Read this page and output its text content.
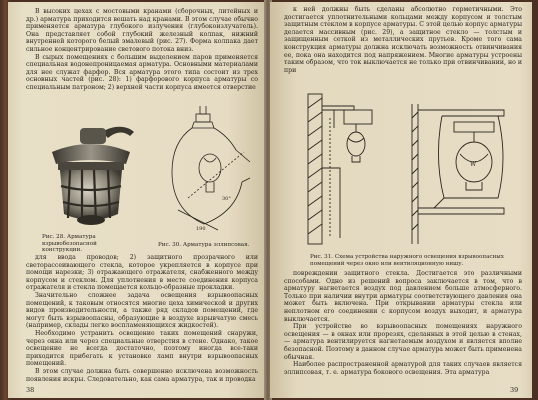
В высоких цехах с мостовыми кранами (сборочных, литейных и др.) арматура приходится вешать над кранами. В этом случае обычно применяется арматура глубокого излучения (глубокоизлучатель). Она представляет собой глубокий железный колпак, нижний внутренней которого белый эмалевый (рис. 27). Форма колпака дает сильное концентрирование светового потока вниз.

В сырых помещениях с большим выделением паров применяется специальная водонепроницаемая арматура. Основными материалами для нее служат фарфор. Вся арматура этого типа состоит из трех основных частей (рис. 28): 1) фарфорового корпуса арматуры со специальным патроном; 2) верхней части корпуса имеется отверстие

30°
190
Рис. 28. Арматура взрывобезопасной конструкции.
Рис. 30. Арматура эллипсовая.

для ввода проводов; 2) защитного прозрачного или светорассеивающего стекла, которое укрепляется в корпусе при помощи нарезки; 3) отражающего отражателя, снабженного между корпусом и стеклом. Для уплотнения в месте соединения корпуса отражателя и стекла помещается кольцо-образные прокладки.

Значительно сложнее задача освещения взрывоопасных помещений, к таковым относятся многие цеха химической и других видов производительности, а также ряд складов помещений, где могут быть взрывоопасны, образующие в воздухе взрывчатую смесь (например, склады легко воспламеняющихся жидкостей).

Необходимо устранить освещение таких помещений снаружи, через окна или через специальные отверстия в стене. Однако, такое освещение не всегда достаточно, поэтому иногда все-таки приходится прибегать к установке ламп внутри взрывоопасных помещений.

В этом случае должна быть совершенно исключена возможность появления искры. Следовательно, как сама арматура, так и проводка

38

к ней должны быть сделаны абсолютно герметичными. Это достигается уплотнительными кольцами между корпусом и толстым защитным стеклом в корпусе арматуры. С этой целью корпус арматуры делается массивным (рис. 29), а защитное стекло — толстым и защищенным сеткой из металлических прутьев. Кроме того сама конструкция арматуры должна исключать возможность отвинчивания ее, пока она находится под напряжением. Многие арматуры устроены таким образом, что ток выключается не только при отвинчивании, но и при

W
Рис. 31. Схема устройства наружного освещения взрывоопасных помещений через окно или вентиляционную нишу.

повреждении защитного стекла. Достигается это различными способами. Одно из решений вопроса заключается в том, что в арматуру нагнетается воздух под давлением больше атмосферного. Только при наличии внутри арматуры соответствующего давления она может быть включена. При открывании арматуры стекла или неплотном его соединении с корпусом воздух выходит, и арматура выключается.

При устройстве во взрывоопасных помещениях наружного освещения — в окнах или прорезях, сделанных в этой целью в стенах, — арматура вентилируется нагнетаемым воздухом и является вполне безопасной. Поэтому в данном случае арматура может быть применена обычная.

Наиболее распространенной арматурой для таких случаев является эллипсовая, т. е. арматура бокового освещения. Эта арматура

39
